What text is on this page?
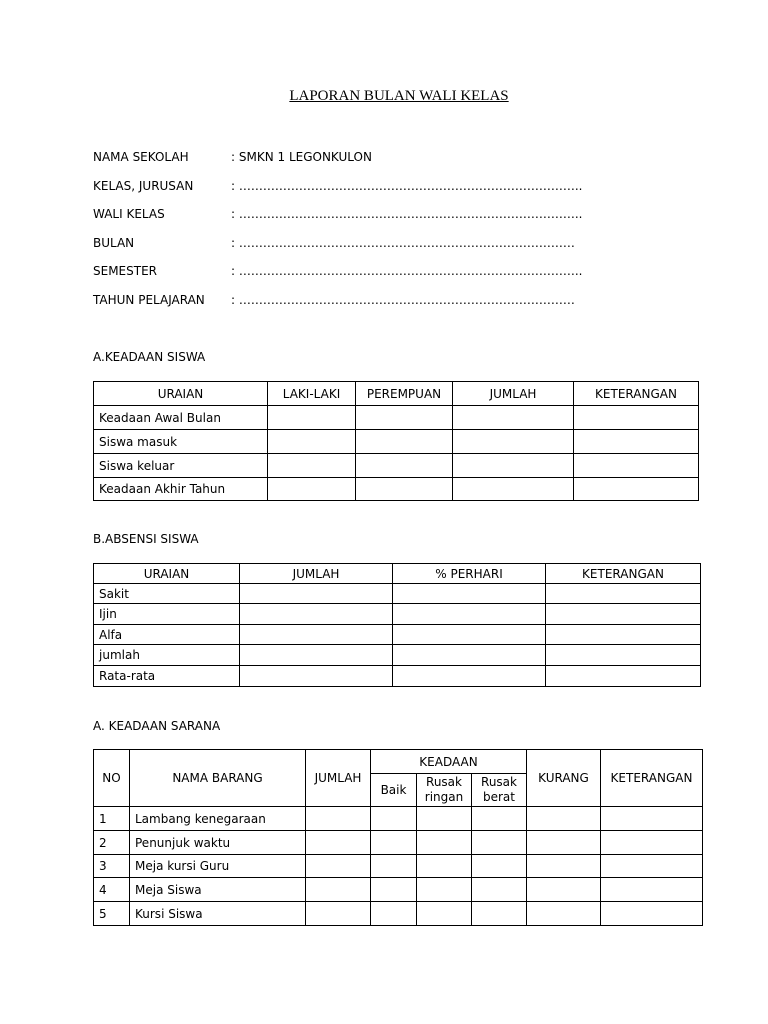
LAPORAN BULAN WALI KELAS
NAMA SEKOLAH	: SMKN 1 LEGONKULON
KELAS, JURUSAN	: …………………………………………………………………………..
WALI KELAS	: …………………………………………………………………………..
BULAN	: …………………………………………………………………………
SEMESTER	: …………………………………………………………………………..
TAHUN PELAJARAN : …………………………………………………………………………
A.KEADAAN SISWA
URAIAN	LAKI-LAKI	PEREMPUAN	JUMLAH	KETERANGAN
Keadaan Awal Bulan				
Siswa masuk				
Siswa keluar				
Keadaan Akhir Tahun				
B.ABSENSI SISWA
URAIAN	JUMLAH	% PERHARI	KETERANGAN
Sakit			
Ijin			
Alfa			
jumlah			
Rata-rata			
A. KEADAAN SARANA
NO	NAMA BARANG	JUMLAH	KEADAAN			KURANG	KETERANGAN
			Baik	Rusak ringan	Rusak berat		
1	Lambang kenegaraan						
2	Penunjuk waktu						
3	Meja kursi Guru						
4	Meja Siswa						
5	Kursi Siswa						
